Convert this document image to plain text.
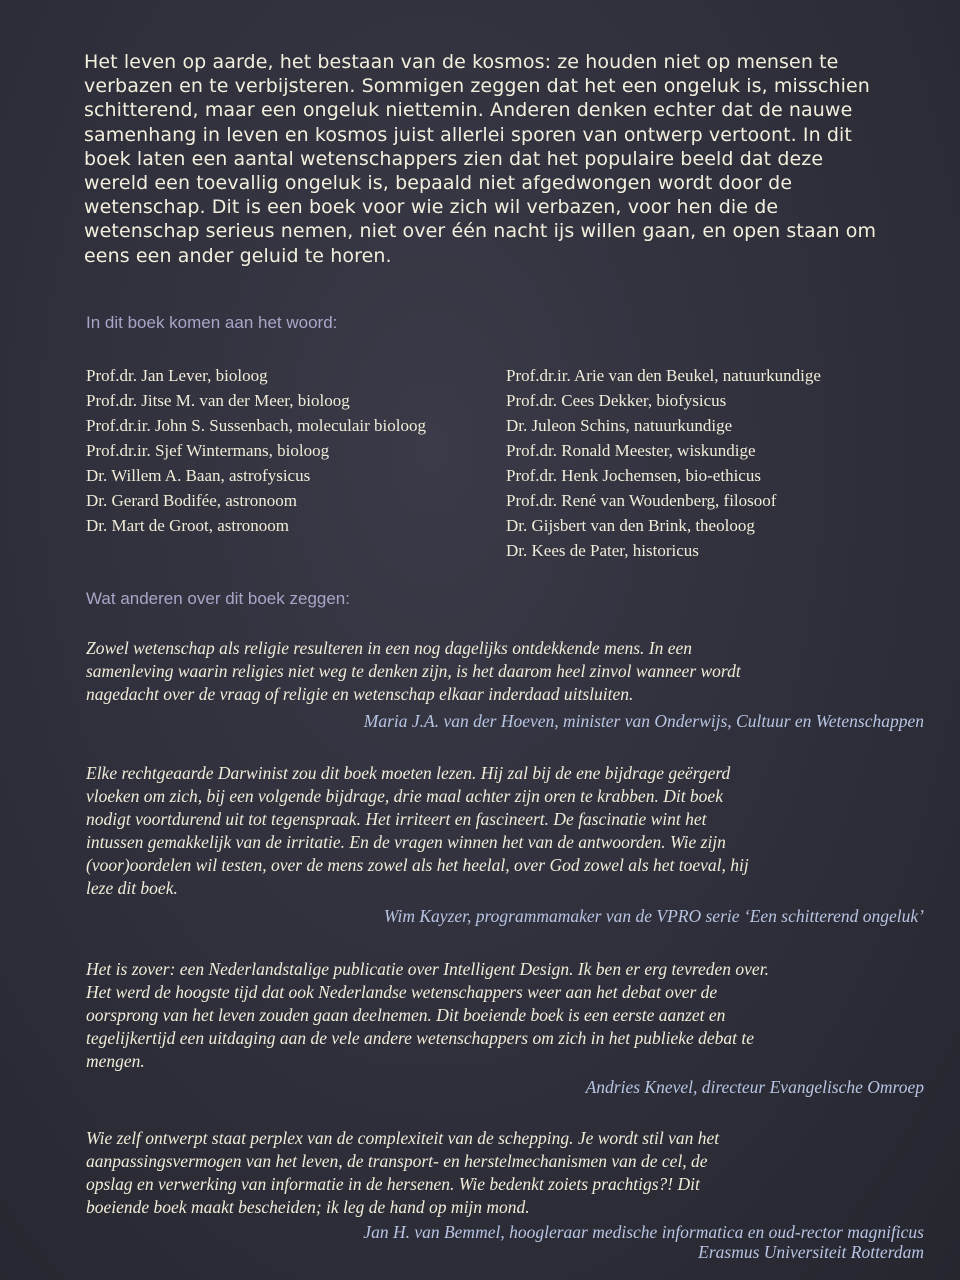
Het leven op aarde, het bestaan van de kosmos: ze houden niet op mensen te
verbazen en te verbijsteren. Sommigen zeggen dat het een ongeluk is, misschien
schitterend, maar een ongeluk niettemin. Anderen denken echter dat de nauwe
samenhang in leven en kosmos juist allerlei sporen van ontwerp vertoont. In dit
boek laten een aantal wetenschappers zien dat het populaire beeld dat deze
wereld een toevallig ongeluk is, bepaald niet afgedwongen wordt door de
wetenschap. Dit is een boek voor wie zich wil verbazen, voor hen die de
wetenschap serieus nemen, niet over één nacht ijs willen gaan, en open staan om
eens een ander geluid te horen.
In dit boek komen aan het woord:
Prof.dr. Jan Lever, bioloog
Prof.dr. Jitse M. van der Meer, bioloog
Prof.dr.ir. John S. Sussenbach, moleculair bioloog
Prof.dr.ir. Sjef Wintermans, bioloog
Dr. Willem A. Baan, astrofysicus
Dr. Gerard Bodifée, astronoom
Dr. Mart de Groot, astronoom
Prof.dr.ir. Arie van den Beukel, natuurkundige
Prof.dr. Cees Dekker, biofysicus
Dr. Juleon Schins, natuurkundige
Prof.dr. Ronald Meester, wiskundige
Prof.dr. Henk Jochemsen, bio-ethicus
Prof.dr. René van Woudenberg, filosoof
Dr. Gijsbert van den Brink, theoloog
Dr. Kees de Pater, historicus
Wat anderen over dit boek zeggen:
Zowel wetenschap als religie resulteren in een nog dagelijks ontdekkende mens. In een
samenleving waarin religies niet weg te denken zijn, is het daarom heel zinvol wanneer wordt
nagedacht over de vraag of religie en wetenschap elkaar inderdaad uitsluiten.
Maria J.A. van der Hoeven, minister van Onderwijs, Cultuur en Wetenschappen
Elke rechtgeaarde Darwinist zou dit boek moeten lezen. Hij zal bij de ene bijdrage geërgerd
vloeken om zich, bij een volgende bijdrage, drie maal achter zijn oren te krabben. Dit boek
nodigt voortdurend uit tot tegenspraak. Het irriteert en fascineert. De fascinatie wint het
intussen gemakkelijk van de irritatie. En de vragen winnen het van de antwoorden. Wie zijn
(voor)oordelen wil testen, over de mens zowel als het heelal, over God zowel als het toeval, hij
leze dit boek.
Wim Kayzer, programmamaker van de VPRO serie ‘Een schitterend ongeluk’
Het is zover: een Nederlandstalige publicatie over Intelligent Design. Ik ben er erg tevreden over.
Het werd de hoogste tijd dat ook Nederlandse wetenschappers weer aan het debat over de
oorsprong van het leven zouden gaan deelnemen. Dit boeiende boek is een eerste aanzet en
tegelijkertijd een uitdaging aan de vele andere wetenschappers om zich in het publieke debat te
mengen.
Andries Knevel, directeur Evangelische Omroep
Wie zelf ontwerpt staat perplex van de complexiteit van de schepping. Je wordt stil van het
aanpassingsvermogen van het leven, de transport- en herstelmechanismen van de cel, de
opslag en verwerking van informatie in de hersenen. Wie bedenkt zoiets prachtigs?! Dit
boeiende boek maakt bescheiden; ik leg de hand op mijn mond.
Jan H. van Bemmel, hoogleraar medische informatica en oud-rector magnificus
Erasmus Universiteit Rotterdam
